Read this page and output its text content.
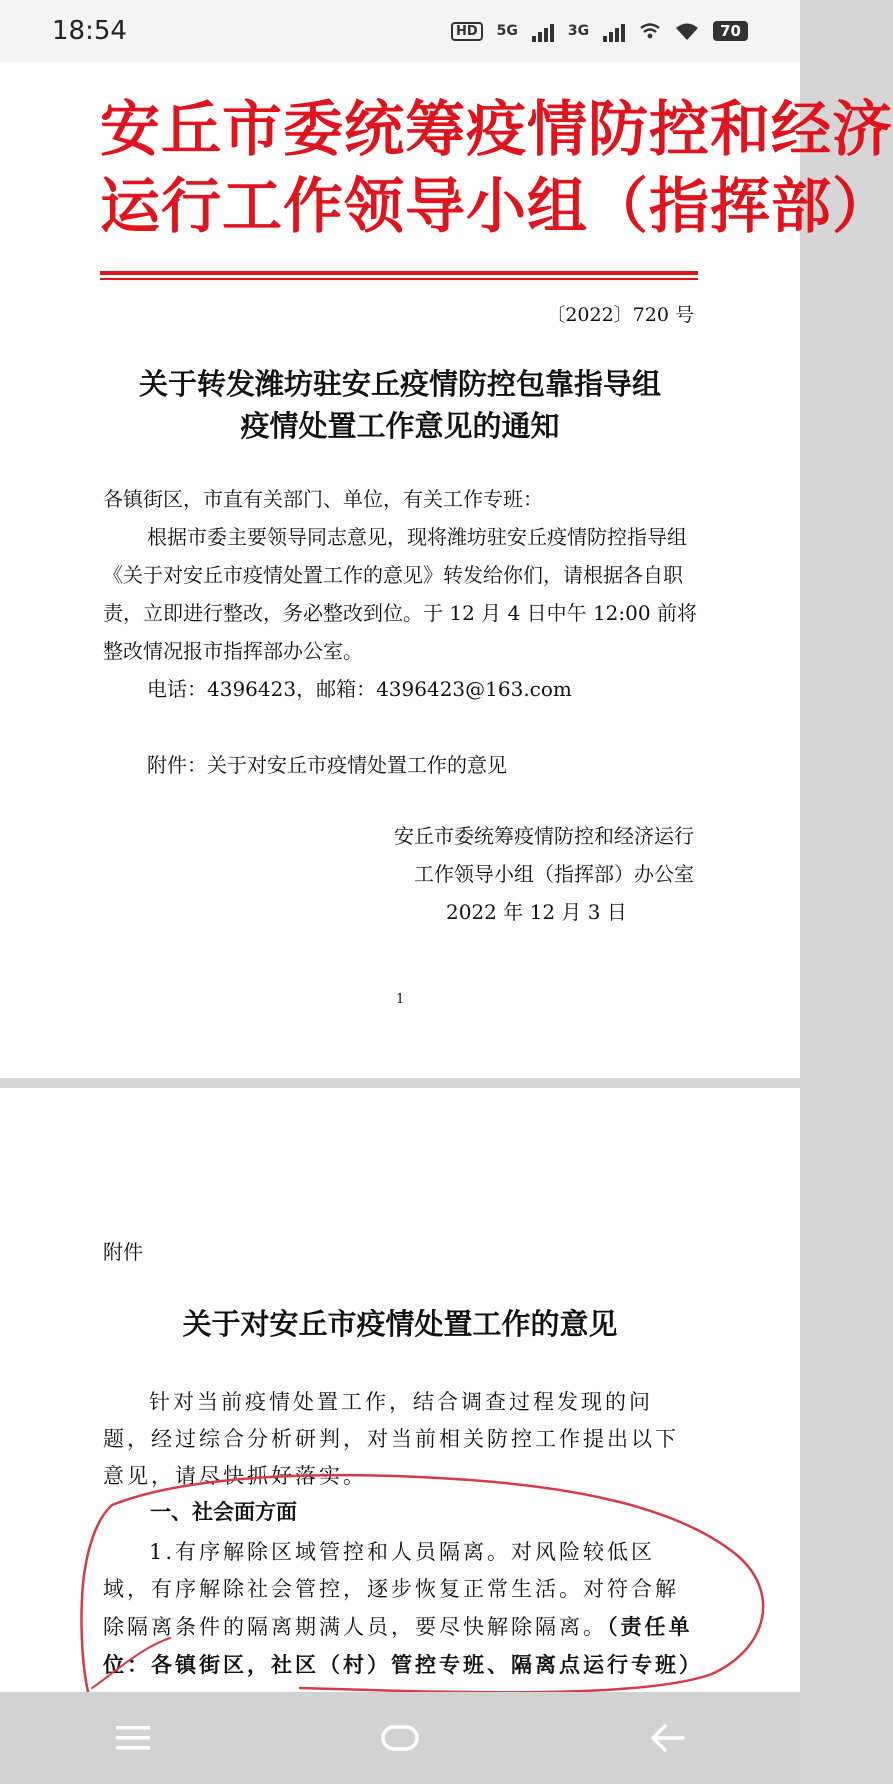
18:54	HD	5G	3G	70
安丘市委统筹疫情防控和经济
运行工作领导小组（指挥部）
〔2022〕720 号
关于转发潍坊驻安丘疫情防控包靠指导组
疫情处置工作意见的通知
各镇街区，市直有关部门、单位，有关工作专班：
根据市委主要领导同志意见，现将潍坊驻安丘疫情防控指导组《关于对安丘市疫情处置工作的意见》转发给你们，请根据各自职责，立即进行整改，务必整改到位。于 12 月 4 日中午 12:00 前将整改情况报市指挥部办公室。
电话：4396423，邮箱：4396423@163.com
附件：关于对安丘市疫情处置工作的意见
安丘市委统筹疫情防控和经济运行
工作领导小组（指挥部）办公室
2022 年 12 月 3 日
1
附件
关于对安丘市疫情处置工作的意见
针对当前疫情处置工作，结合调查过程发现的问题，经过综合分析研判，对当前相关防控工作提出以下意见，请尽快抓好落实。
一、社会面方面
1.有序解除区域管控和人员隔离。对风险较低区域，有序解除社会管控，逐步恢复正常生活。对符合解除隔离条件的隔离期满人员，要尽快解除隔离。（责任单位：各镇街区，社区（村）管控专班、隔离点运行专班）
